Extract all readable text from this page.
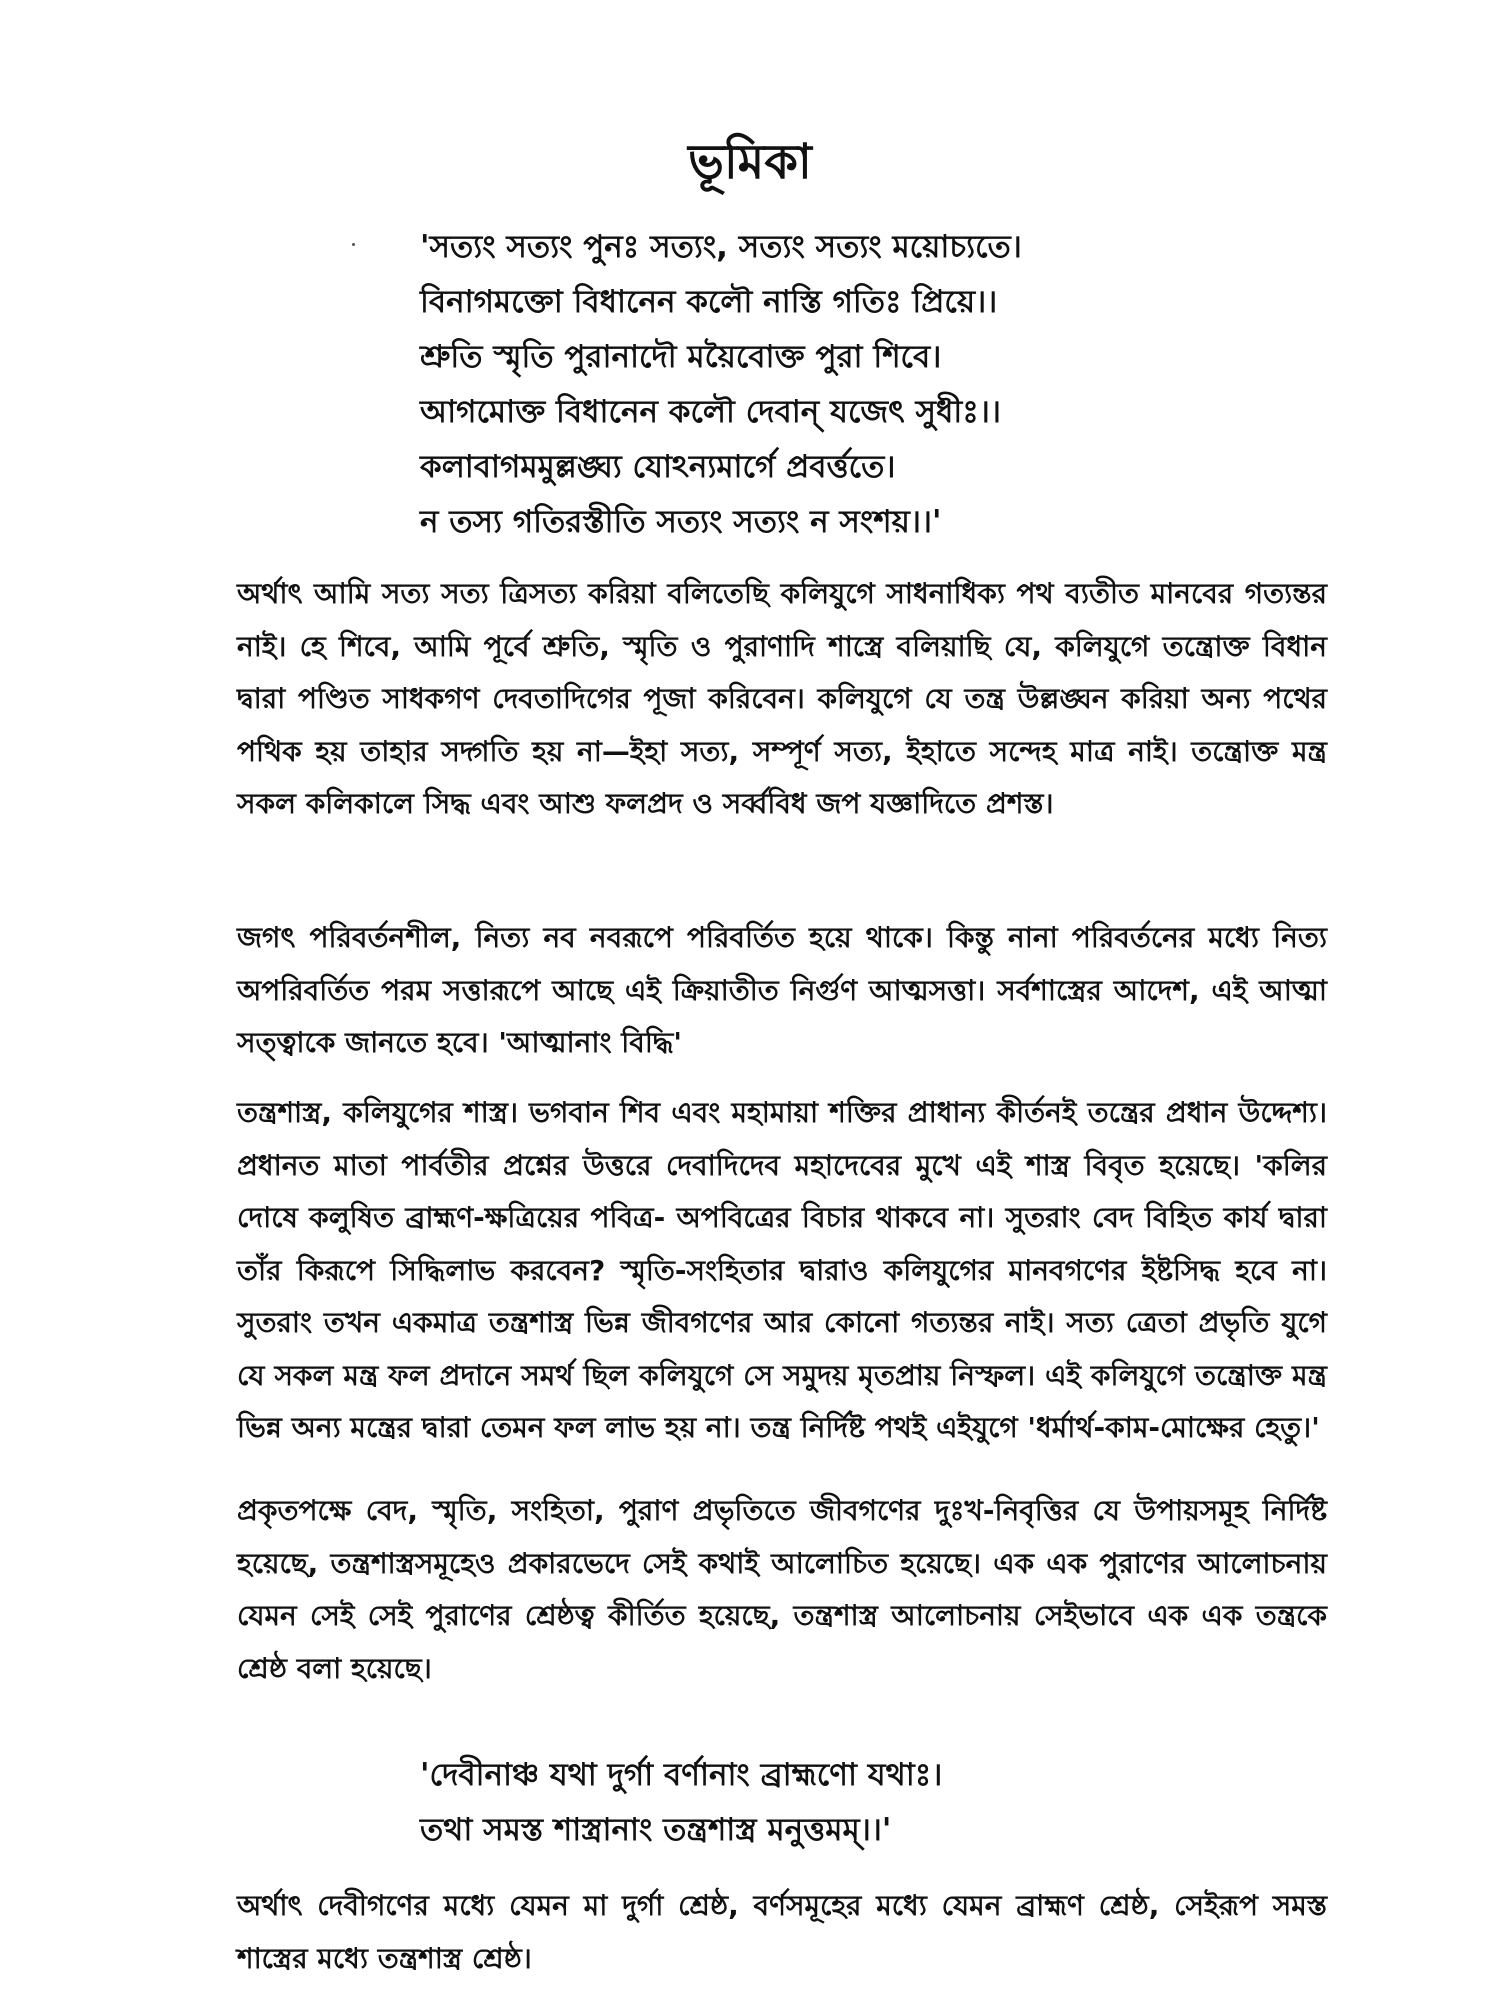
ভূমিকা
'সত্যং সত্যং পুনঃ সত্যং, সত্যং সত্যং ময়োচ্যতে।
বিনাগমক্তো বিধানেন কলৌ নাস্তি গতিঃ প্রিয়ে।।
শ্রুতি স্মৃতি পুরানাদৌ ময়ৈবোক্ত পুরা শিবে।
আগমোক্ত বিধানেন কলৌ দেবান্ যজেৎ সুধীঃ।।
কলাবাগমমুল্লঙ্ঘ্য যোঽন্যমার্গে প্রবর্ত্ততে।
ন তস্য গতিরস্তীতি সত্যং সত্যং ন সংশয়।।'
অর্থাৎ আমি সত্য সত্য ত্রিসত্য করিয়া বলিতেছি কলিযুগে সাধনাধিক্য পথ ব্যতীত মানবের গত্যন্তর নাই। হে শিবে, আমি পূর্বে শ্রুতি, স্মৃতি ও পুরাণাদি শাস্ত্রে বলিয়াছি যে, কলিযুগে তন্ত্রোক্ত বিধান দ্বারা পণ্ডিত সাধকগণ দেবতাদিগের পূজা করিবেন। কলিযুগে যে তন্ত্র উল্লঙ্ঘন করিয়া অন্য পথের পথিক হয় তাহার সদ্গতি হয় না—ইহা সত্য, সম্পূর্ণ সত্য, ইহাতে সন্দেহ মাত্র নাই। তন্ত্রোক্ত মন্ত্র সকল কলিকালে সিদ্ধ এবং আশু ফলপ্রদ ও সর্ব্ববিধ জপ যজ্ঞাদিতে প্রশস্ত।
জগৎ পরিবর্তনশীল, নিত্য নব নবরূপে পরিবর্তিত হয়ে থাকে। কিন্তু নানা পরিবর্তনের মধ্যে নিত্য অপরিবর্তিত পরম সত্তারূপে আছে এই ক্রিয়াতীত নির্গুণ আত্মসত্তা। সর্বশাস্ত্রের আদেশ, এই আত্মা সত্ত্বাকে জানতে হবে। 'আত্মানাং বিদ্ধি'
তন্ত্রশাস্ত্র, কলিযুগের শাস্ত্র। ভগবান শিব এবং মহামায়া শক্তির প্রাধান্য কীর্তনই তন্ত্রের প্রধান উদ্দেশ্য। প্রধানত মাতা পার্বতীর প্রশ্নের উত্তরে দেবাদিদেব মহাদেবের মুখে এই শাস্ত্র বিবৃত হয়েছে। 'কলির দোষে কলুষিত ব্রাহ্মণ-ক্ষত্রিয়ের পবিত্র- অপবিত্রের বিচার থাকবে না। সুতরাং বেদ বিহিত কার্য দ্বারা তাঁর কিরূপে সিদ্ধিলাভ করবেন? স্মৃতি-সংহিতার দ্বারাও কলিযুগের মানবগণের ইষ্টসিদ্ধ হবে না। সুতরাং তখন একমাত্র তন্ত্রশাস্ত্র ভিন্ন জীবগণের আর কোনো গত্যন্তর নাই। সত্য ত্রেতা প্রভৃতি যুগে যে সকল মন্ত্র ফল প্রদানে সমর্থ ছিল কলিযুগে সে সমুদয় মৃতপ্রায় নিস্ফল। এই কলিযুগে তন্ত্রোক্ত মন্ত্র ভিন্ন অন্য মন্ত্রের দ্বারা তেমন ফল লাভ হয় না। তন্ত্র নির্দিষ্ট পথই এইযুগে 'ধর্মার্থ-কাম-মোক্ষের হেতু।'
প্রকৃতপক্ষে বেদ, স্মৃতি, সংহিতা, পুরাণ প্রভৃতিতে জীবগণের দুঃখ-নিবৃত্তির যে উপায়সমূহ নির্দিষ্ট হয়েছে, তন্ত্রশাস্ত্রসমূহেও প্রকারভেদে সেই কথাই আলোচিত হয়েছে। এক এক পুরাণের আলোচনায় যেমন সেই সেই পুরাণের শ্রেষ্ঠত্ব কীর্তিত হয়েছে, তন্ত্রশাস্ত্র আলোচনায় সেইভাবে এক এক তন্ত্রকে শ্রেষ্ঠ বলা হয়েছে।
'দেবীনাঞ্চ যথা দুর্গা বর্ণানাং ব্রাহ্মণো যথাঃ।
তথা সমস্ত শাস্ত্রানাং তন্ত্রশাস্ত্র মনুত্তমম্।।'
অর্থাৎ দেবীগণের মধ্যে যেমন মা দুর্গা শ্রেষ্ঠ, বর্ণসমূহের মধ্যে যেমন ব্রাহ্মণ শ্রেষ্ঠ, সেইরূপ সমস্ত শাস্ত্রের মধ্যে তন্ত্রশাস্ত্র শ্রেষ্ঠ।
